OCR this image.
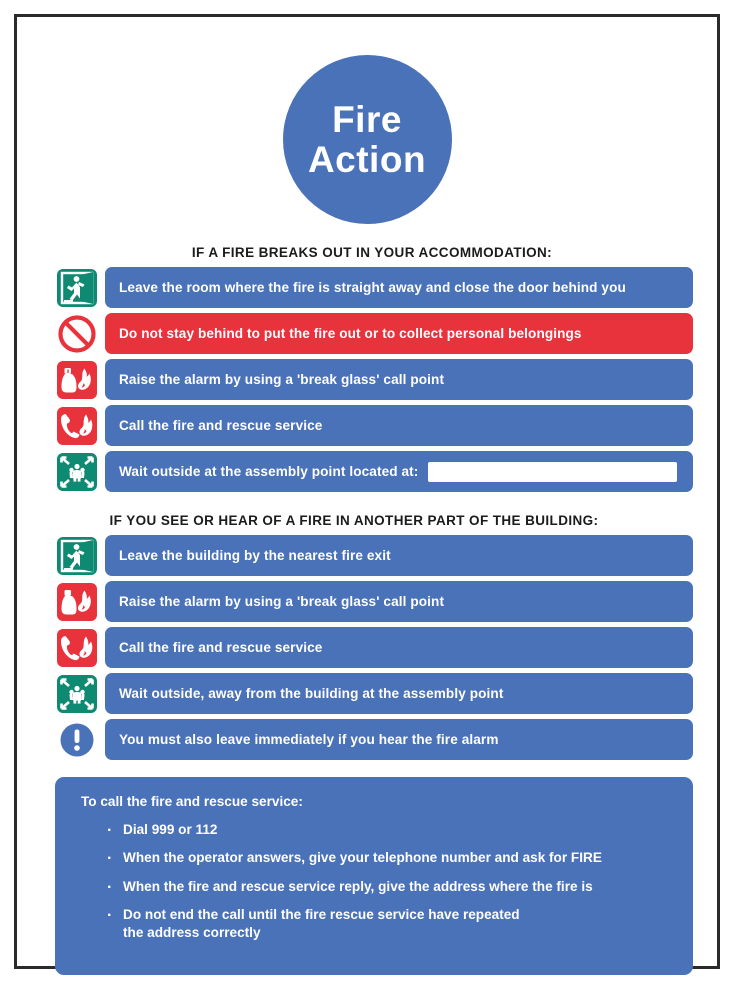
Fire
Action
IF A FIRE BREAKS OUT IN YOUR ACCOMMODATION:
Leave the room where the fire is straight away and close the door behind you
Do not stay behind to put the fire out or to collect personal belongings
Raise the alarm by using a 'break glass' call point
Call the fire and rescue service
Wait outside at the assembly point located at:
IF YOU SEE OR HEAR OF A FIRE IN ANOTHER PART OF THE BUILDING:
Leave the building by the nearest fire exit
Raise the alarm by using a 'break glass' call point
Call the fire and rescue service
Wait outside, away from the building at the assembly point
You must also leave immediately if you hear the fire alarm
To call the fire and rescue service:
· Dial 999 or 112
· When the operator answers, give your telephone number and ask for FIRE
· When the fire and rescue service reply, give the address where the fire is
· Do not end the call until the fire rescue service have repeated
the address correctly
